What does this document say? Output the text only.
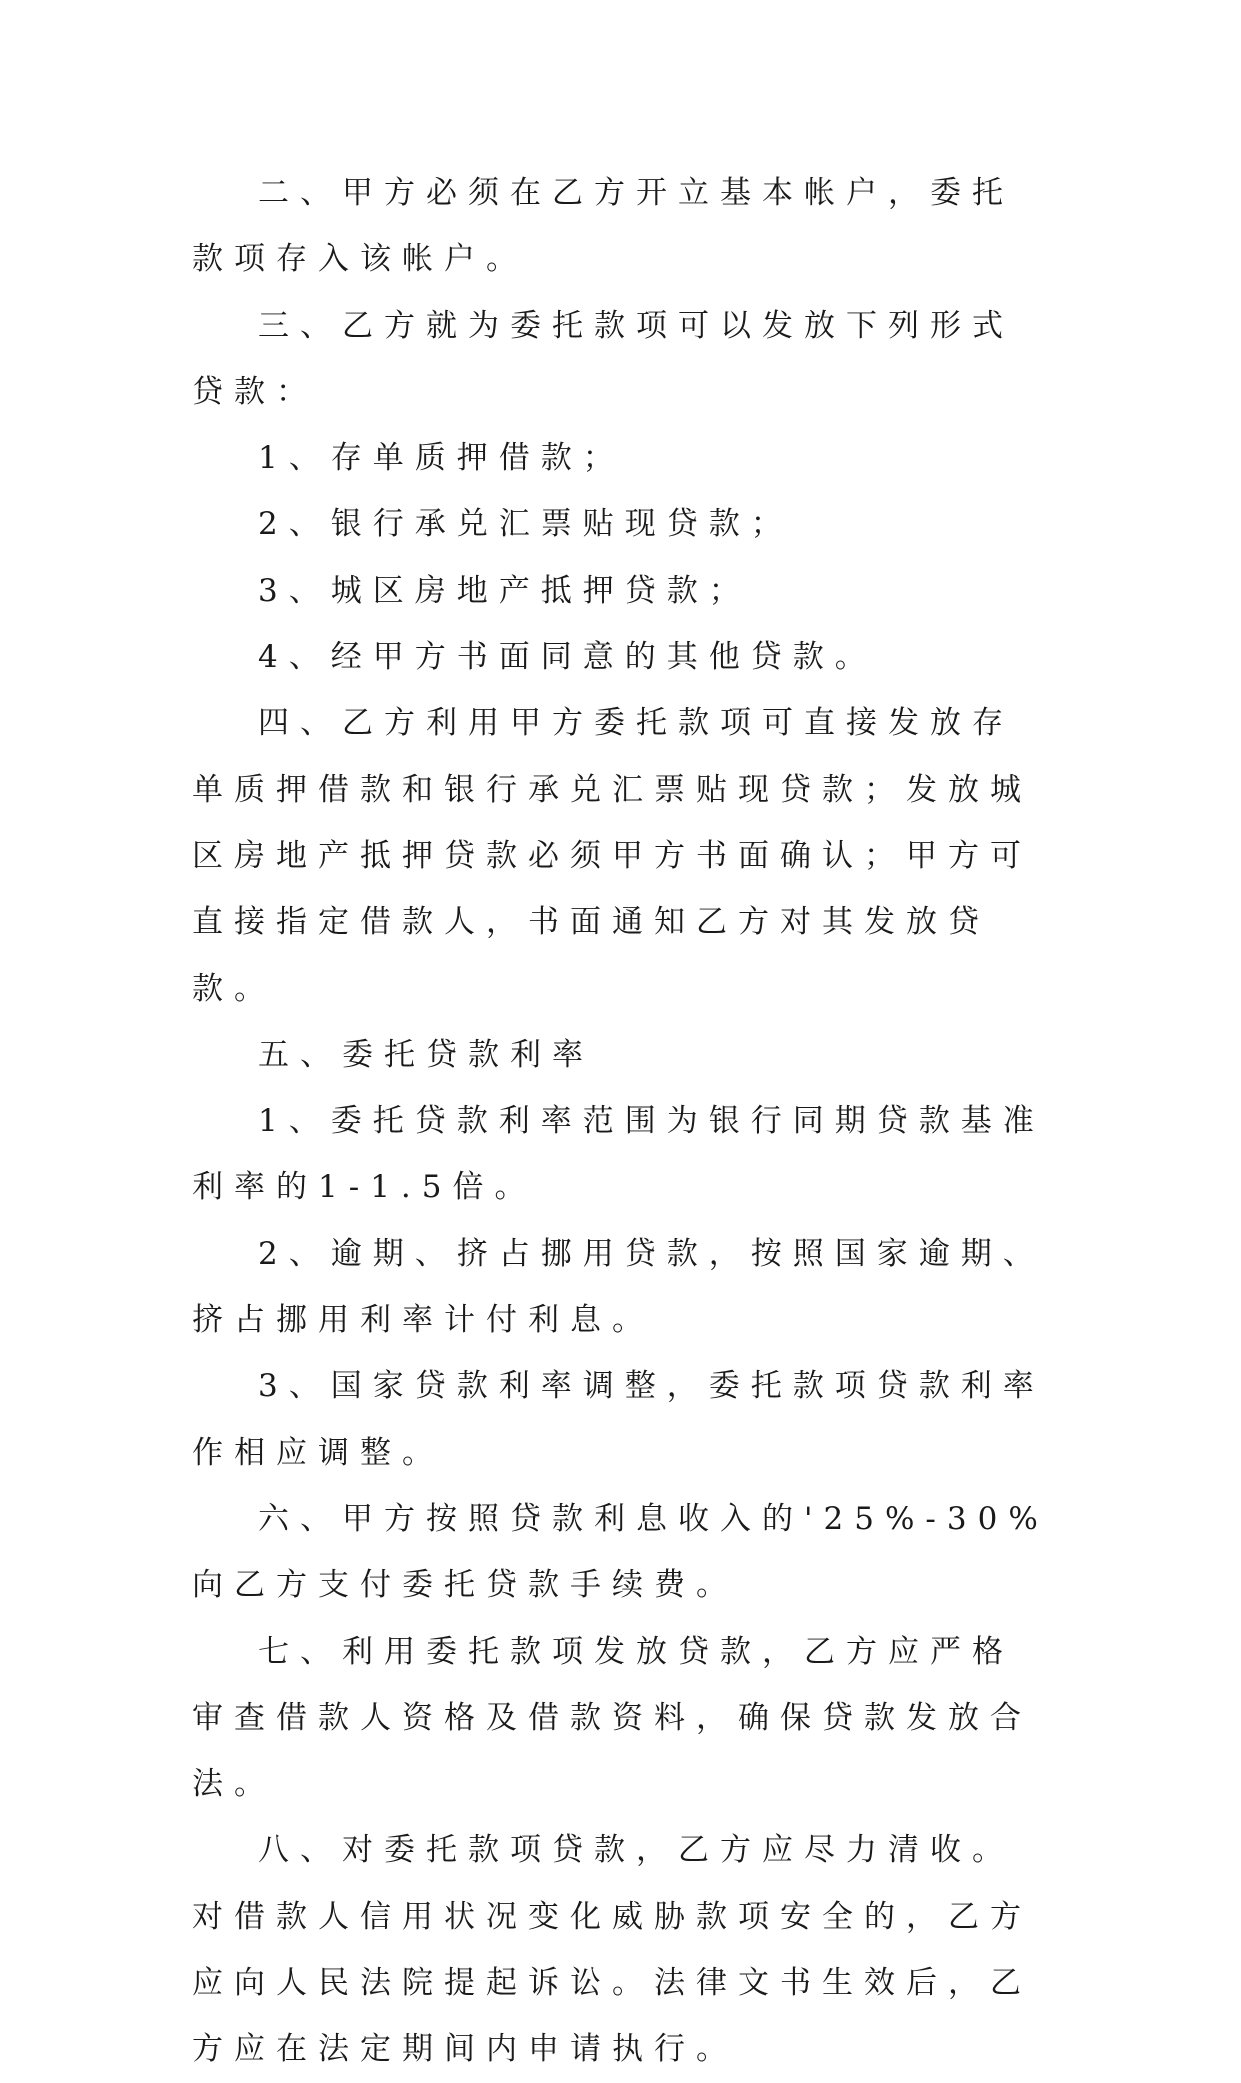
二、甲方必须在乙方开立基本帐户，委托款项存入该帐户。

三、乙方就为委托款项可以发放下列形式贷款：

1、存单质押借款；

2、银行承兑汇票贴现贷款；

3、城区房地产抵押贷款；

4、经甲方书面同意的其他贷款。

四、乙方利用甲方委托款项可直接发放存单质押借款和银行承兑汇票贴现贷款；发放城区房地产抵押贷款必须甲方书面确认；甲方可直接指定借款人，书面通知乙方对其发放贷款。

五、委托贷款利率

1、委托贷款利率范围为银行同期贷款基准利率的1-1.5倍。

2、逾期、挤占挪用贷款，按照国家逾期、挤占挪用利率计付利息。

3、国家贷款利率调整，委托款项贷款利率作相应调整。

六、甲方按照贷款利息收入的'25%-30%向乙方支付委托贷款手续费。

七、利用委托款项发放贷款，乙方应严格审查借款人资格及借款资料，确保贷款发放合法。

八、对委托款项贷款，乙方应尽力清收。对借款人信用状况变化威胁款项安全的，乙方应向人民法院提起诉讼。法律文书生效后，乙方应在法定期间内申请执行。
